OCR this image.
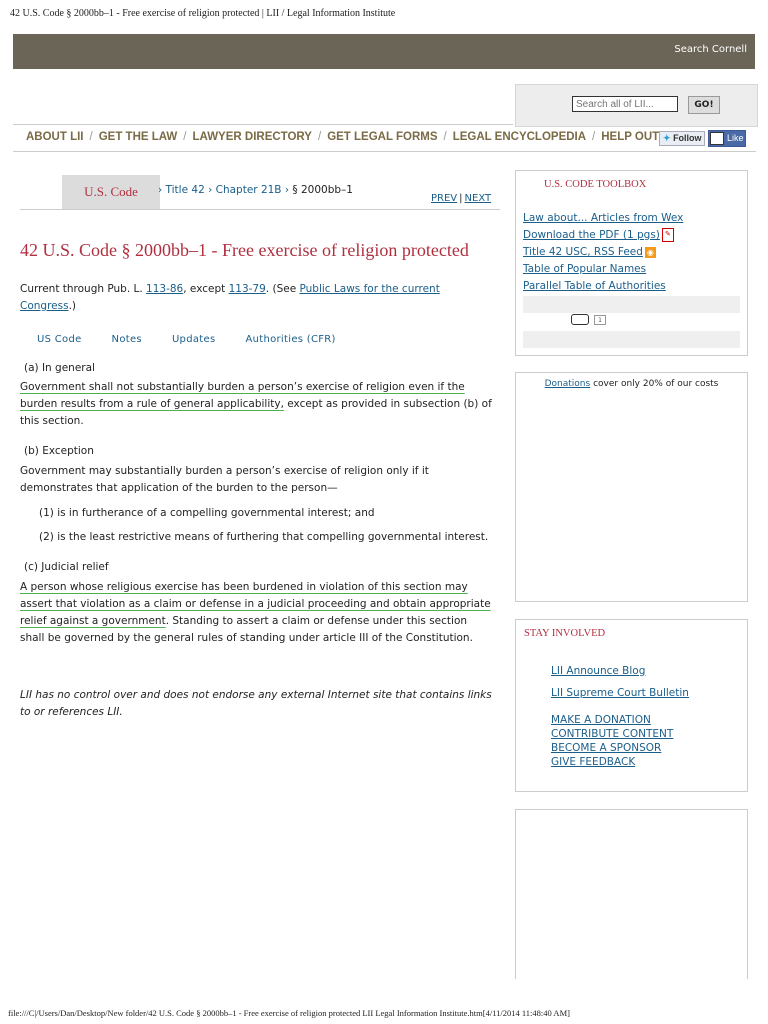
42 U.S. Code § 2000bb–1 - Free exercise of religion protected | LII / Legal Information Institute
Search Cornell
Search all of LII...
GO!
ABOUT LII / GET THE LAW / LAWYER DIRECTORY / GET LEGAL FORMS / LEGAL ENCYCLOPEDIA / HELP OUT ✦ Follow	Like
U.S. Code	› Title 42 › Chapter 21B › § 2000bb–1
PREV | NEXT
42 U.S. Code § 2000bb–1 - Free exercise of religion protected
Current through Pub. L. 113-86, except 113-79. (See Public Laws for the current Congress.)
US Code	Notes	Updates	Authorities (CFR)
(a) In general
Government shall not substantially burden a person’s exercise of religion even if the
burden results from a rule of general applicability, except as provided in subsection (b) of
this section.
(b) Exception
Government may substantially burden a person’s exercise of religion only if it demonstrates that application of the burden to the person—
(1) is in furtherance of a compelling governmental interest; and
(2) is the least restrictive means of furthering that compelling governmental interest.
(c) Judicial relief
A person whose religious exercise has been burdened in violation of this section may
assert that violation as a claim or defense in a judicial proceeding and obtain appropriate
relief against a government. Standing to assert a claim or defense under this section
shall be governed by the general rules of standing under article III of the Constitution.
LII has no control over and does not endorse any external Internet site that contains links to or references LII.
U.S. CODE TOOLBOX
Law about... Articles from Wex
Download the PDF (1 pgs) ✎
Title 42 USC, RSS Feed ◉
Table of Popular Names
Parallel Table of Authorities
1
Donations cover only 20% of our costs
STAY INVOLVED
LII Announce Blog
LII Supreme Court Bulletin
MAKE A DONATION
CONTRIBUTE CONTENT
BECOME A SPONSOR
GIVE FEEDBACK
file:///C|/Users/Dan/Desktop/New folder/42 U.S. Code § 2000bb–1 - Free exercise of religion protected LII Legal Information Institute.htm[4/11/2014 11:48:40 AM]
